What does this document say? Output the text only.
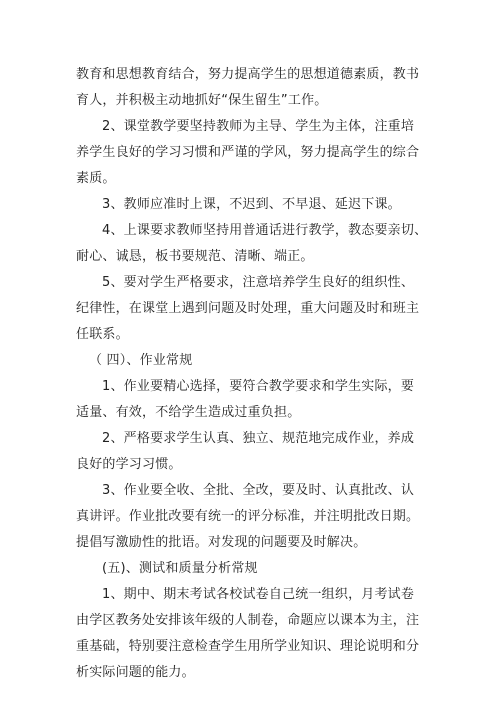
教育和思想教育结合，努力提高学生的思想道德素质，教书
育人，并积极主动地抓好“保生留生”工作。
2、课堂教学要坚持教师为主导、学生为主体，注重培
养学生良好的学习习惯和严谨的学风，努力提高学生的综合
素质。
3、教师应准时上课，不迟到、不早退、延迟下课。
4、上课要求教师坚持用普通话进行教学，教态要亲切、
耐心、诚恳，板书要规范、清晰、端正。
5、要对学生严格要求，注意培养学生良好的组织性、
纪律性，在课堂上遇到问题及时处理，重大问题及时和班主
任联系。
（ 四）、作业常规
1、作业要精心选择，要符合教学要求和学生实际，要
适量、有效，不给学生造成过重负担。
2、严格要求学生认真、独立、规范地完成作业，养成
良好的学习习惯。
3、作业要全收、全批、全改，要及时、认真批改、认
真讲评。作业批改要有统一的评分标准，并注明批改日期。
提倡写激励性的批语。对发现的问题要及时解决。
(五)、测试和质量分析常规
1、期中、期末考试各校试卷自己统一组织，月考试卷
由学区教务处安排该年级的人制卷，命题应以课本为主，注
重基础，特别要注意检查学生用所学业知识、理论说明和分
析实际问题的能力。
